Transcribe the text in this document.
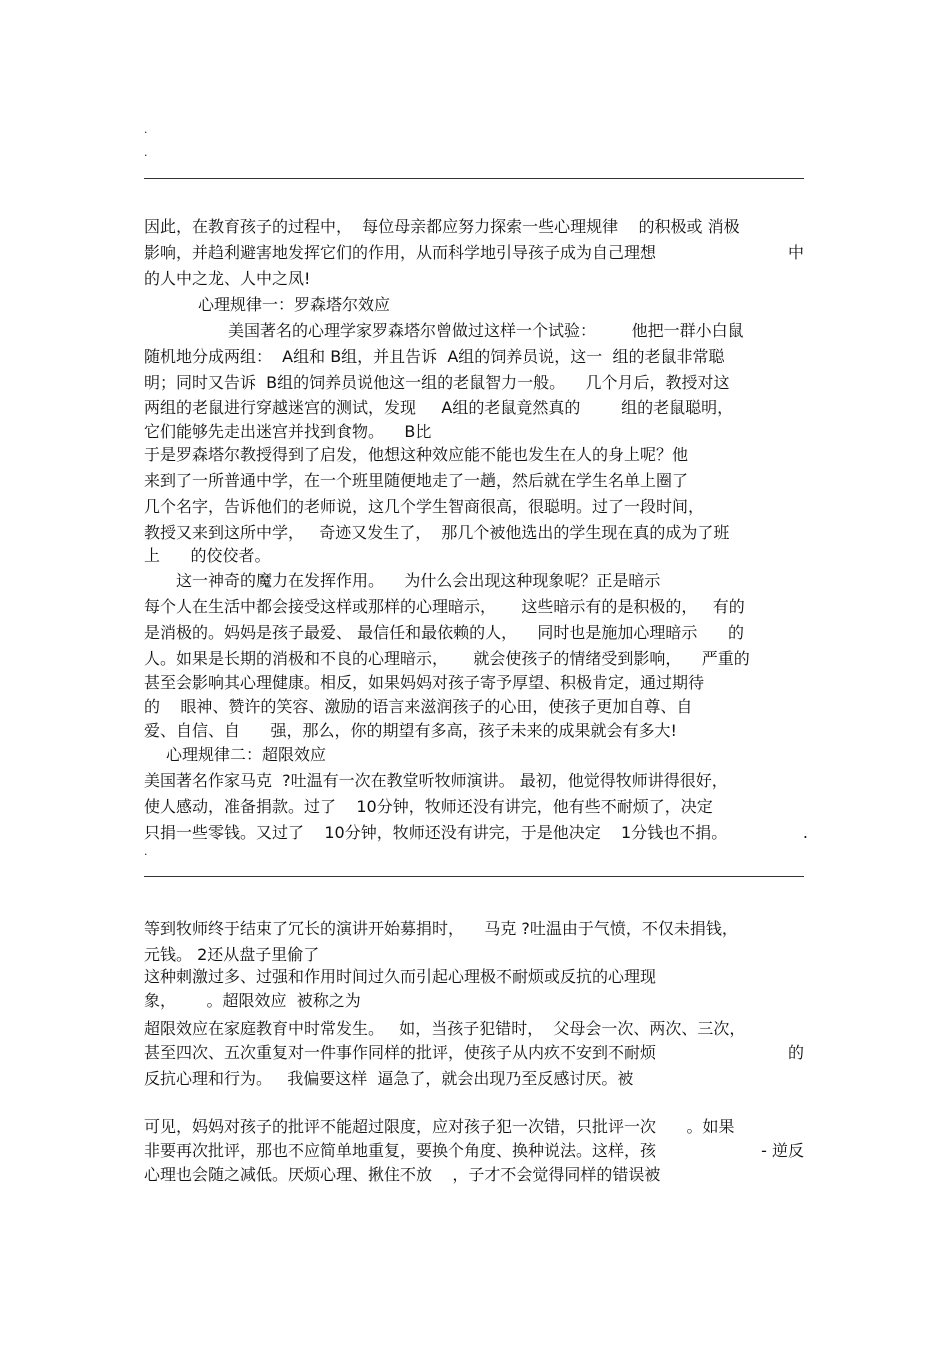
.
.
因此，在教育孩子的过程中，  每位母亲都应努力探索一些心理规律    的积极或 消极
影响，并趋利避害地发挥它们的作用，从而科学地引导孩子成为自己理想	中
的人中之龙、人中之凤!
心理规律一：罗森塔尔效应
美国著名的心理学家罗森塔尔曾做过这样一个试验：       他把一群小白鼠
随机地分成两组：  A组和 B组，并且告诉  A组的饲养员说，这一  组的老鼠非常聪
明；同时又告诉  B组的饲养员说他这一组的老鼠智力一般。    几个月后，教授对这
两组的老鼠进行穿越迷宫的测试，发现     A组的老鼠竟然真的        组的老鼠聪明，
它们能够先走出迷宫并找到食物。    B比
于是罗森塔尔教授得到了启发，他想这种效应能不能也发生在人的身上呢？他
来到了一所普通中学，在一个班里随便地走了一趟，然后就在学生名单上圈了
几个名字，告诉他们的老师说，这几个学生智商很高，很聪明。过了一段时间，
教授又来到这所中学，   奇迹又发生了，  那几个被他选出的学生现在真的成为了班
上      的佼佼者。
这一神奇的魔力在发挥作用。    为什么会出现这种现象呢？正是暗示
每个人在生活中都会接受这样或那样的心理暗示，     这些暗示有的是积极的，   有的
是消极的。妈妈是孩子最爱、 最信任和最依赖的人，    同时也是施加心理暗示      的
人。如果是长期的消极和不良的心理暗示，     就会使孩子的情绪受到影响，    严重的
甚至会影响其心理健康。相反，如果妈妈对孩子寄予厚望、积极肯定，通过期待
的    眼神、赞许的笑容、激励的语言来滋润孩子的心田，使孩子更加自尊、自
爱、自信、自      强，那么，你的期望有多高，孩子未来的成果就会有多大!
心理规律二：超限效应
美国著名作家马克  ?吐温有一次在教堂听牧师演讲。 最初，他觉得牧师讲得很好，
使人感动，准备捐款。过了    10分钟，牧师还没有讲完，他有些不耐烦了，决定
只捐一些零钱。又过了    10分钟，牧师还没有讲完，于是他决定    1分钱也不捐。	.
.
等到牧师终于结束了冗长的演讲开始募捐时，    马克 ?吐温由于气愤，不仅未捐钱，
元钱。 2还从盘子里偷了
这种刺激过多、过强和作用时间过久而引起心理极不耐烦或反抗的心理现
象，      。超限效应  被称之为
超限效应在家庭教育中时常发生。   如，当孩子犯错时，  父母会一次、两次、三次，
甚至四次、五次重复对一件事作同样的批评，使孩子从内疚不安到不耐烦	的
反抗心理和行为。   我偏要这样  逼急了，就会出现乃至反感讨厌。被
可见，妈妈对孩子的批评不能超过限度，应对孩子犯一次错，只批评一次      。如果
非要再次批评，那也不应简单地重复，要换个角度、换种说法。这样，孩	- 逆反
心理也会随之减低。厌烦心理、揪住不放    ，子才不会觉得同样的错误被
